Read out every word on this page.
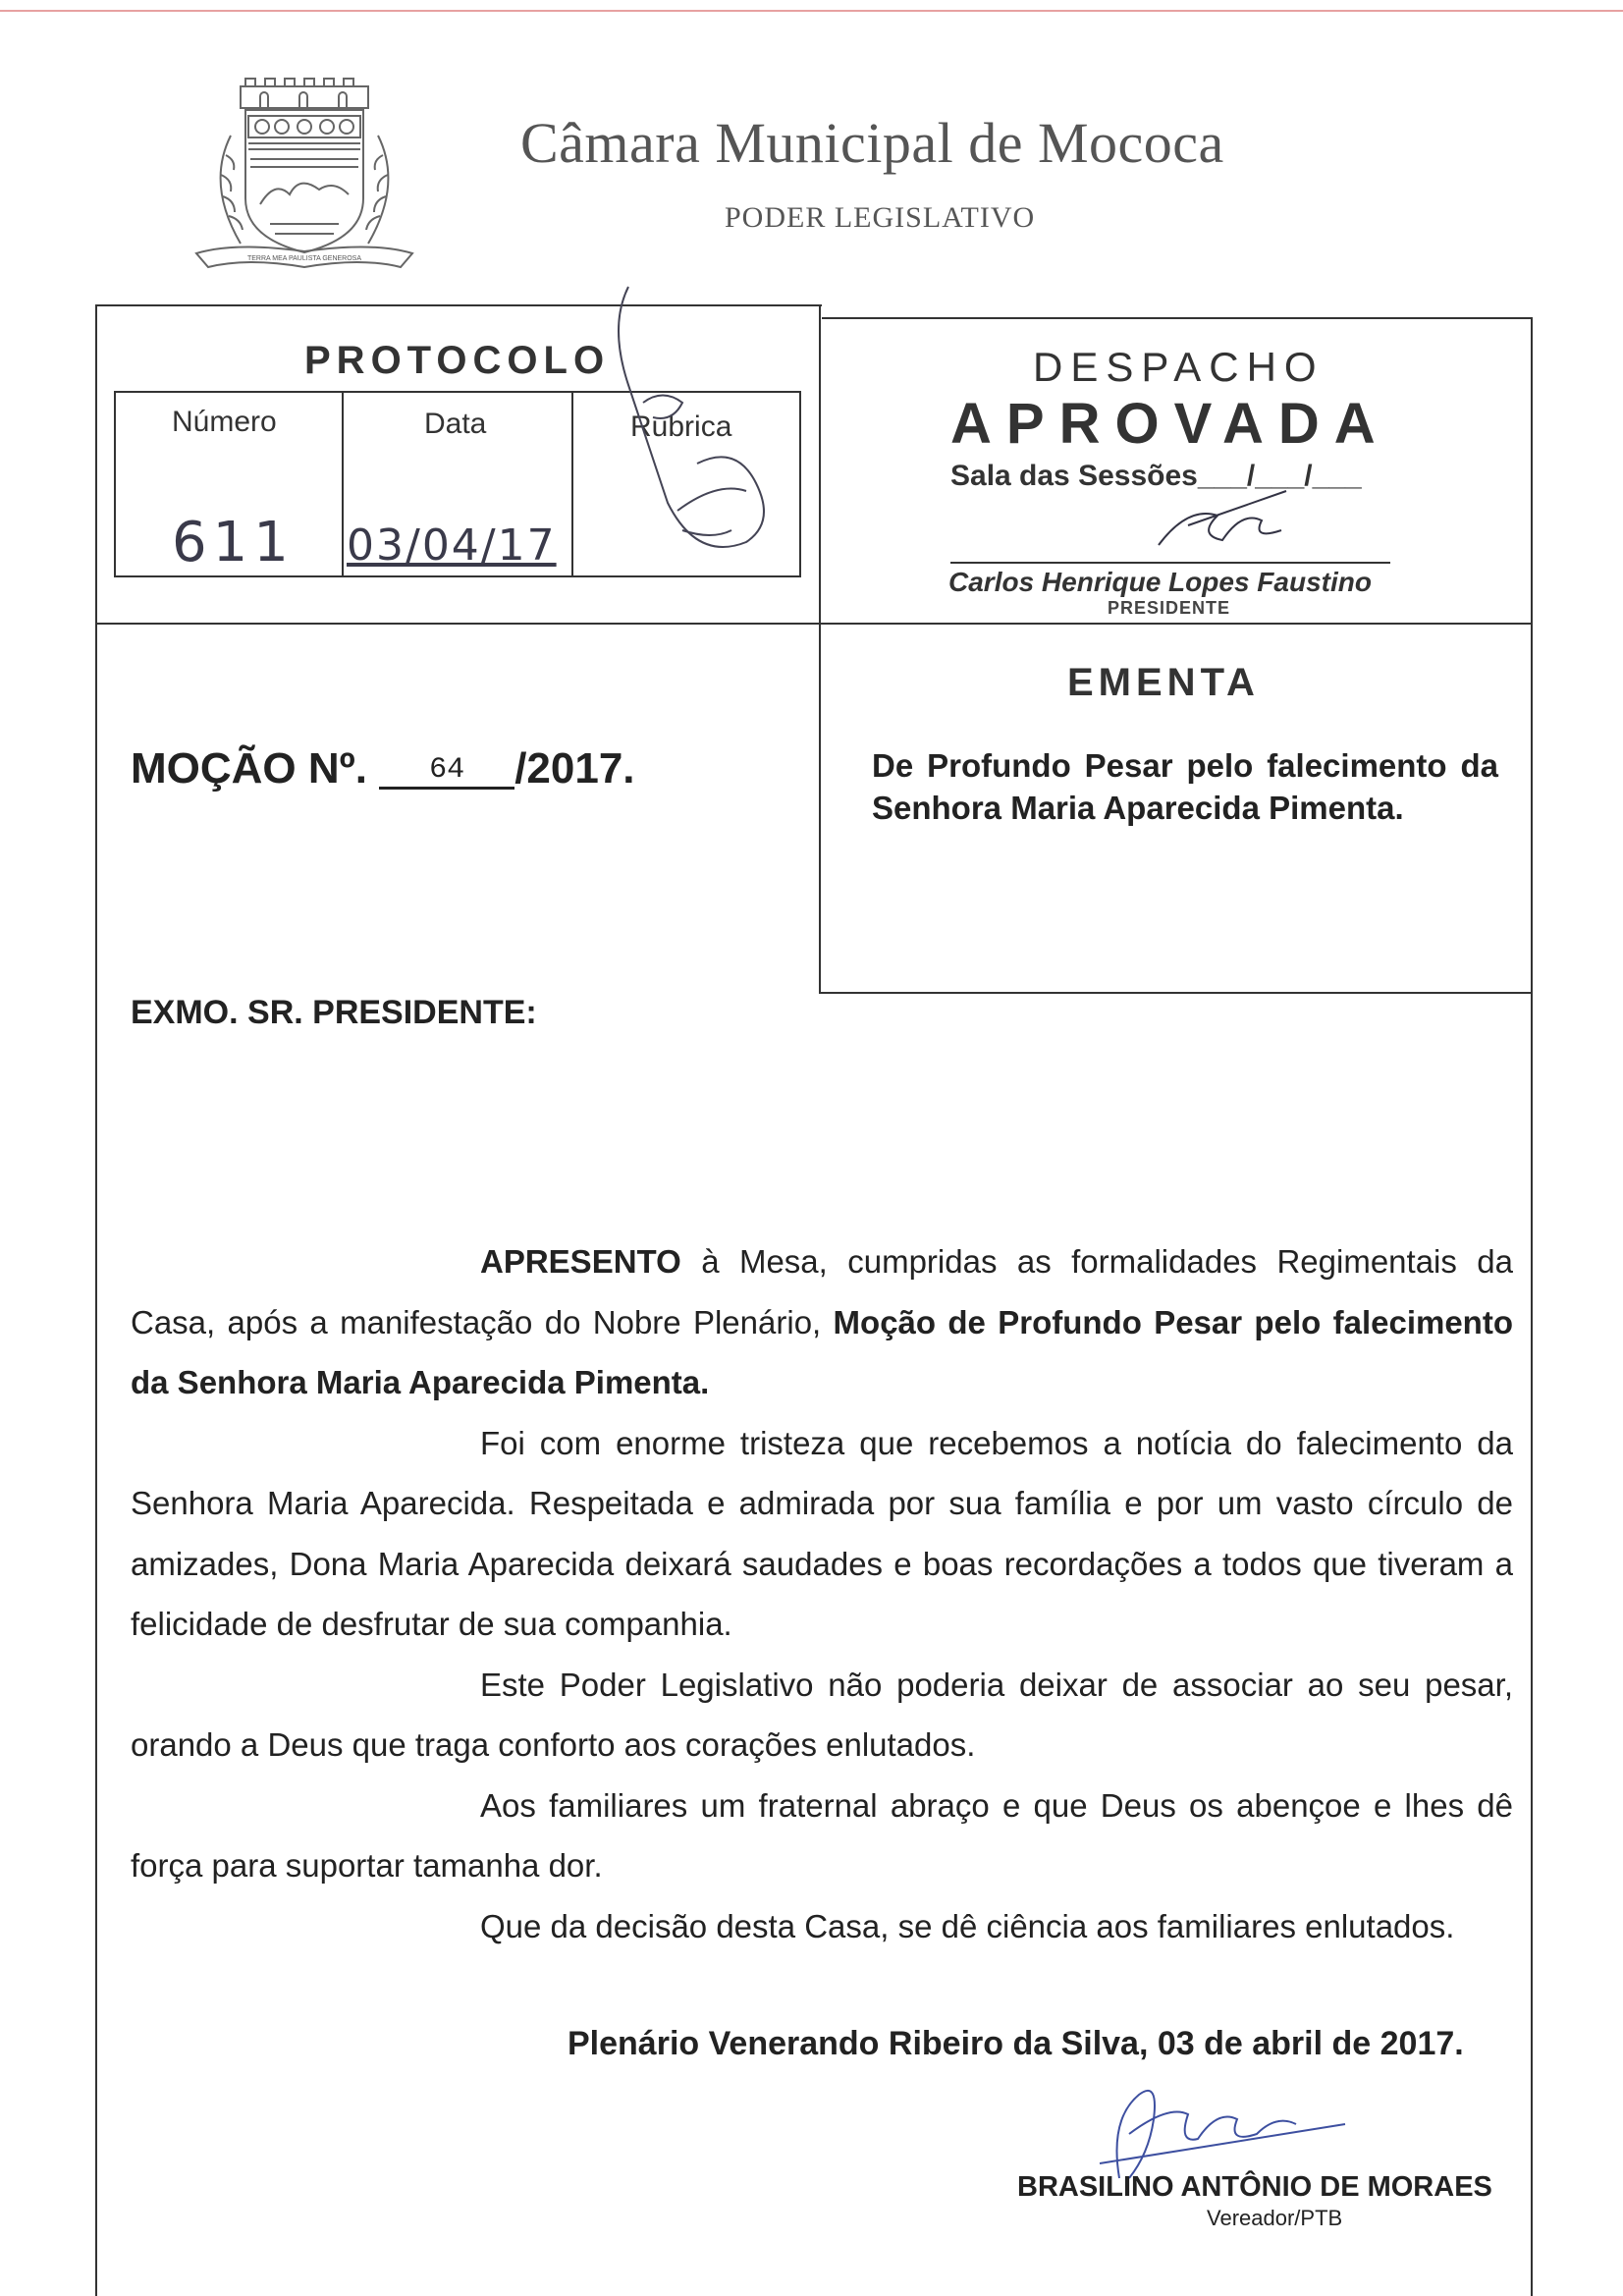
TERRA MEA PAULISTA GENEROSA
Câmara Municipal de Mococa
PODER LEGISLATIVO
PROTOCOLO
Número	Data	Rubrica
611 03/04/17
DESPACHO
APROVADA
Sala das Sessões___/___/___
Carlos Henrique Lopes Faustino
PRESIDENTE
EMENTA
De Profundo Pesar pelo falecimento da Senhora Maria Aparecida Pimenta.
MOÇÃO Nº. 64 /2017.
EXMO. SR. PRESIDENTE:

APRESENTO à Mesa, cumpridas as formalidades Regimentais da Casa, após a manifestação do Nobre Plenário, Moção de Profundo Pesar pelo falecimento da Senhora Maria Aparecida Pimenta.

Foi com enorme tristeza que recebemos a notícia do falecimento da Senhora Maria Aparecida. Respeitada e admirada por sua família e por um vasto círculo de amizades, Dona Maria Aparecida deixará saudades e boas recordações a todos que tiveram a felicidade de desfrutar de sua companhia.

Este Poder Legislativo não poderia deixar de associar ao seu pesar, orando a Deus que traga conforto aos corações enlutados.

Aos familiares um fraternal abraço e que Deus os abençoe e lhes dê força para suportar tamanha dor.

Que da decisão desta Casa, se dê ciência aos familiares enlutados.

Plenário Venerando Ribeiro da Silva, 03 de abril de 2017.
BRASILINO ANTÔNIO DE MORAES
Vereador/PTB
